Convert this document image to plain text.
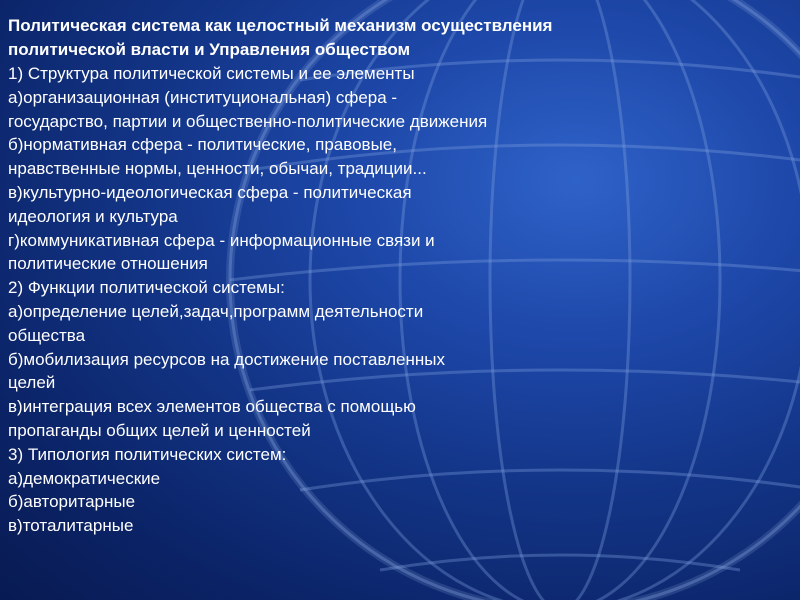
Политическая система как целостный механизм осуществления политической власти и Управления обществом

1) Структура политической системы и ее элементы

а)организационная (институциональная) сфера -

государство, партии и общественно-политические движения

б)нормативная сфера - политические, правовые,

нравственные нормы, ценности, обычаи, традиции...

в)культурно-идеологическая сфера - политическая

идеология и культура

г)коммуникативная сфера - информационные связи и

политические отношения

2) Функции политической системы:

а)определение целей,задач,программ деятельности

общества

б)мобилизация ресурсов на достижение поставленных

целей

в)интеграция всех элементов общества с помощью

пропаганды общих целей и ценностей

3) Типология политических систем:

а)демократические

б)авторитарные

в)тоталитарные
